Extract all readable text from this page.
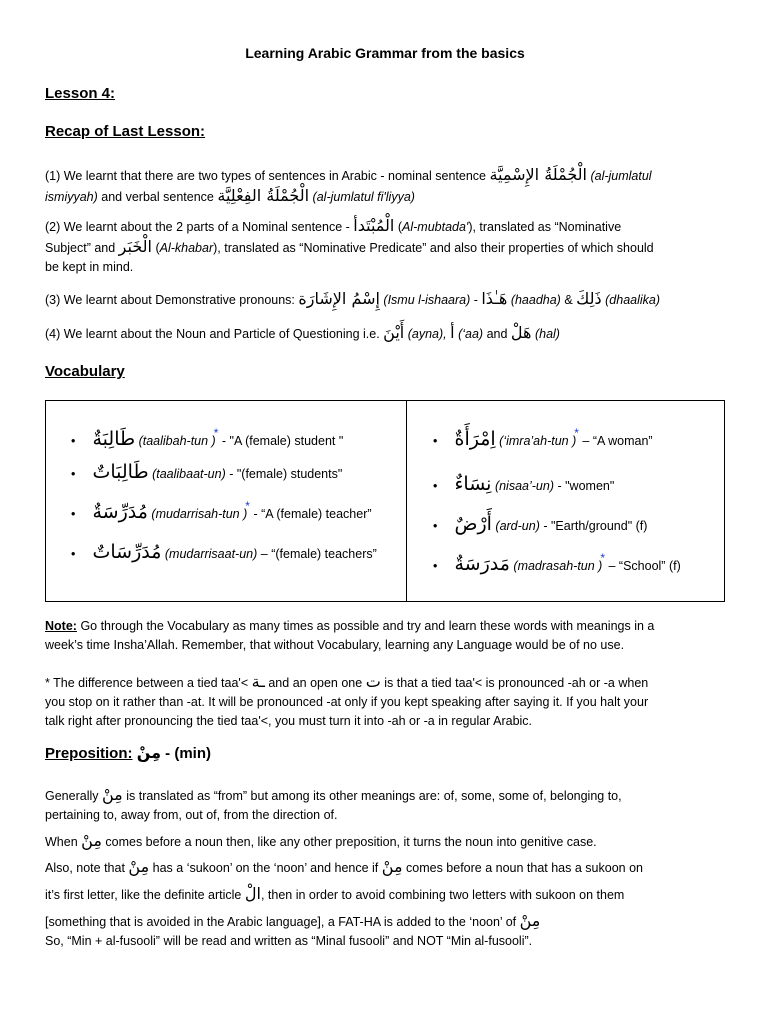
Learning Arabic Grammar from the basics
Lesson 4:
Recap of Last Lesson:
(1) We learnt that there are two types of sentences in Arabic - nominal sentence الْجُمْلَةُ الإِسْمِيَّة (al-jumlatul
ismiyyah) and verbal sentence الْجُمْلَةُ الفِعْلِيَّة (al-jumlatul fi'liyya)
(2) We learnt about the 2 parts of a Nominal sentence - الْمُبْتَدأ (Al-mubtada'), translated as “Nominative
Subject” and الْخَبَر (Al-khabar), translated as “Nominative Predicate” and also their properties of which should
be kept in mind.
(3) We learnt about Demonstrative pronouns: إِسْمُ الإِشَارَة (Ismu l-ishaara) - هَـٰذَا (haadha) & ذَلِكَ (dhaalika)
(4) We learnt about the Noun and Particle of Questioning i.e. أَيْنَ (ayna), أ (‘aa) and هَلْ (hal)
Vocabulary
• طَالِبَةٌ (taalibah-tun )* - "A (female) student "
• طَالِبَاتٌ (taalibaat-un) - "(female) students"
• مُدَرِّسَةٌ (mudarrisah-tun )* - “A (female) teacher”
• مُدَرِّسَاتٌ (mudarrisaat-un) – “(female) teachers”
• اِمْرَأَةٌ (‘imra’ah-tun )* – “A woman”
• نِسَاءٌ (nisaa’-un) - "women"
• أَرْضٌ (ard-un) - "Earth/ground" (f)
• مَدرَسَةٌ (madrasah-tun )* – “School” (f)
Note: Go through the Vocabulary as many times as possible and try and learn these words with meanings in a
week’s time Insha’Allah. Remember, that without Vocabulary, learning any Language would be of no use.
* The difference between a tied taa'< ـة and an open one ت is that a tied taa'< is pronounced -ah or -a when
you stop on it rather than -at. It will be pronounced -at only if you kept speaking after saying it. If you halt your
talk right after pronouncing the tied taa'<, you must turn it into -ah or -a in regular Arabic.
Preposition: مِنْ - (min)
Generally مِنْ is translated as “from” but among its other meanings are: of, some, some of, belonging to,
pertaining to, away from, out of, from the direction of.

When مِنْ comes before a noun then, like any other preposition, it turns the noun into genitive case.

Also, note that مِنْ has a ‘sukoon’ on the ‘noon’ and hence if مِنْ comes before a noun that has a sukoon on

it’s first letter, like the definite article الْ, then in order to avoid combining two letters with sukoon on them

[something that is avoided in the Arabic language], a FAT-HA is added to the ‘noon’ of مِنْ
So, “Min + al-fusooli” will be read and written as “Minal fusooli” and NOT “Min al-fusooli”.
